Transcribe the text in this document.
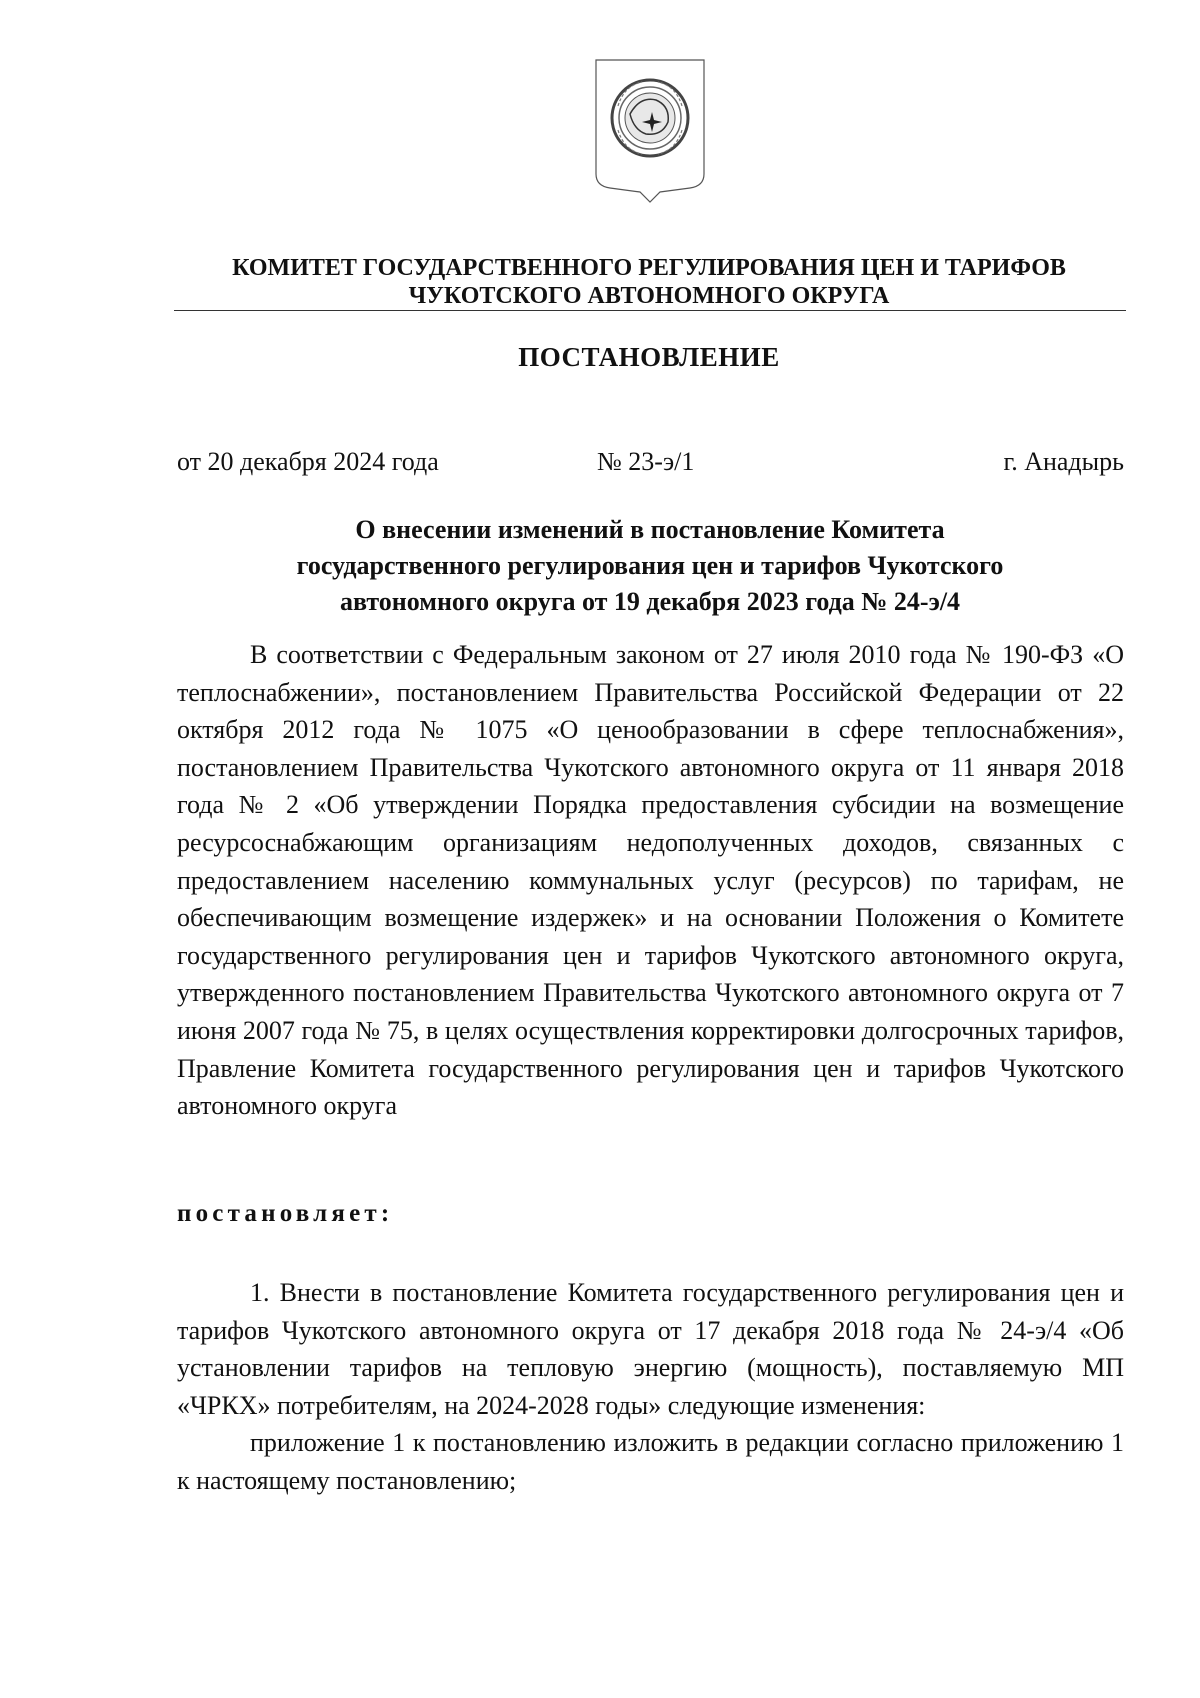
КОМИТЕТ ГОСУДАРСТВЕННОГО РЕГУЛИРОВАНИЯ ЦЕН И ТАРИФОВ
ЧУКОТСКОГО АВТОНОМНОГО ОКРУГА
ПОСТАНОВЛЕНИЕ
от 20 декабря 2024 года	№ 23-э/1	г. Анадырь
О внесении изменений в постановление Комитета
государственного регулирования цен и тарифов Чукотского
автономного округа от 19 декабря 2023 года № 24-э/4

В соответствии с Федеральным законом от 27 июля 2010 года № 190-ФЗ «О теплоснабжении», постановлением Правительства Российской Федерации от 22 октября 2012 года № 1075 «О ценообразовании в сфере теплоснабжения», постановлением Правительства Чукотского автономного округа от 11 января 2018 года № 2 «Об утверждении Порядка предоставления субсидии на возмещение ресурсоснабжающим организациям недополученных доходов, связанных с предоставлением населению коммунальных услуг (ресурсов) по тарифам, не обеспечивающим возмещение издержек» и на основании Положения о Комитете государственного регулирования цен и тарифов Чукотского автономного округа, утвержденного постановлением Правительства Чукотского автономного округа от 7 июня 2007 года № 75, в целях осуществления корректировки долгосрочных тарифов, Правление Комитета государственного регулирования цен и тарифов Чукотского автономного округа

постановляет:

1. Внести в постановление Комитета государственного регулирования цен и тарифов Чукотского автономного округа от 17 декабря 2018 года № 24-э/4 «Об установлении тарифов на тепловую энергию (мощность), поставляемую МП «ЧРКХ» потребителям, на 2024-2028 годы» следующие изменения:

приложение 1 к постановлению изложить в редакции согласно приложению 1 к настоящему постановлению;
